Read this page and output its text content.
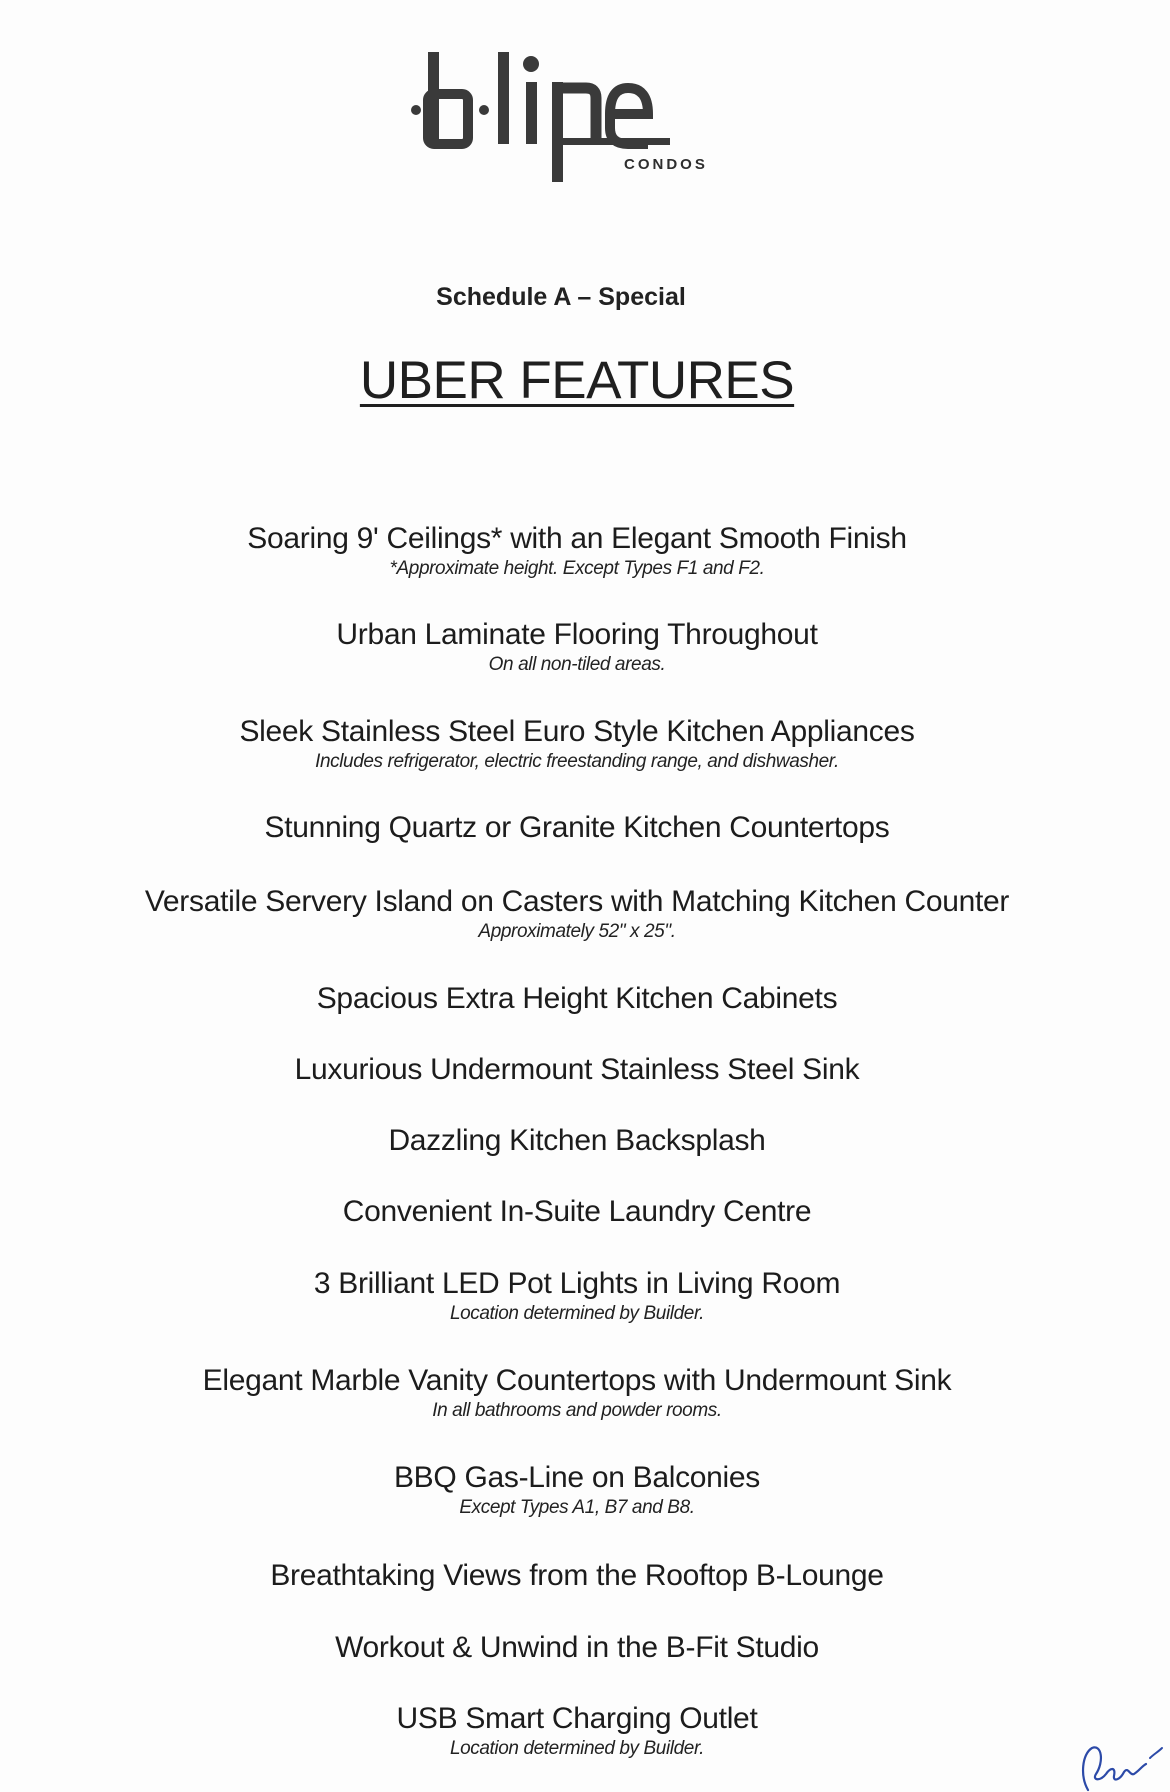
CONDOS
Schedule A – Special
UBER FEATURES
Soaring 9' Ceilings* with an Elegant Smooth Finish
*Approximate height. Except Types F1 and F2.
Urban Laminate Flooring Throughout
On all non-tiled areas.
Sleek Stainless Steel Euro Style Kitchen Appliances
Includes refrigerator, electric freestanding range, and dishwasher.
Stunning Quartz or Granite Kitchen Countertops
Versatile Servery Island on Casters with Matching Kitchen Counter
Approximately 52" x 25".
Spacious Extra Height Kitchen Cabinets
Luxurious Undermount Stainless Steel Sink
Dazzling Kitchen Backsplash
Convenient In-Suite Laundry Centre
3 Brilliant LED Pot Lights in Living Room
Location determined by Builder.
Elegant Marble Vanity Countertops with Undermount Sink
In all bathrooms and powder rooms.
BBQ Gas-Line on Balconies
Except Types A1, B7 and B8.
Breathtaking Views from the Rooftop B-Lounge
Workout & Unwind in the B-Fit Studio
USB Smart Charging Outlet
Location determined by Builder.
